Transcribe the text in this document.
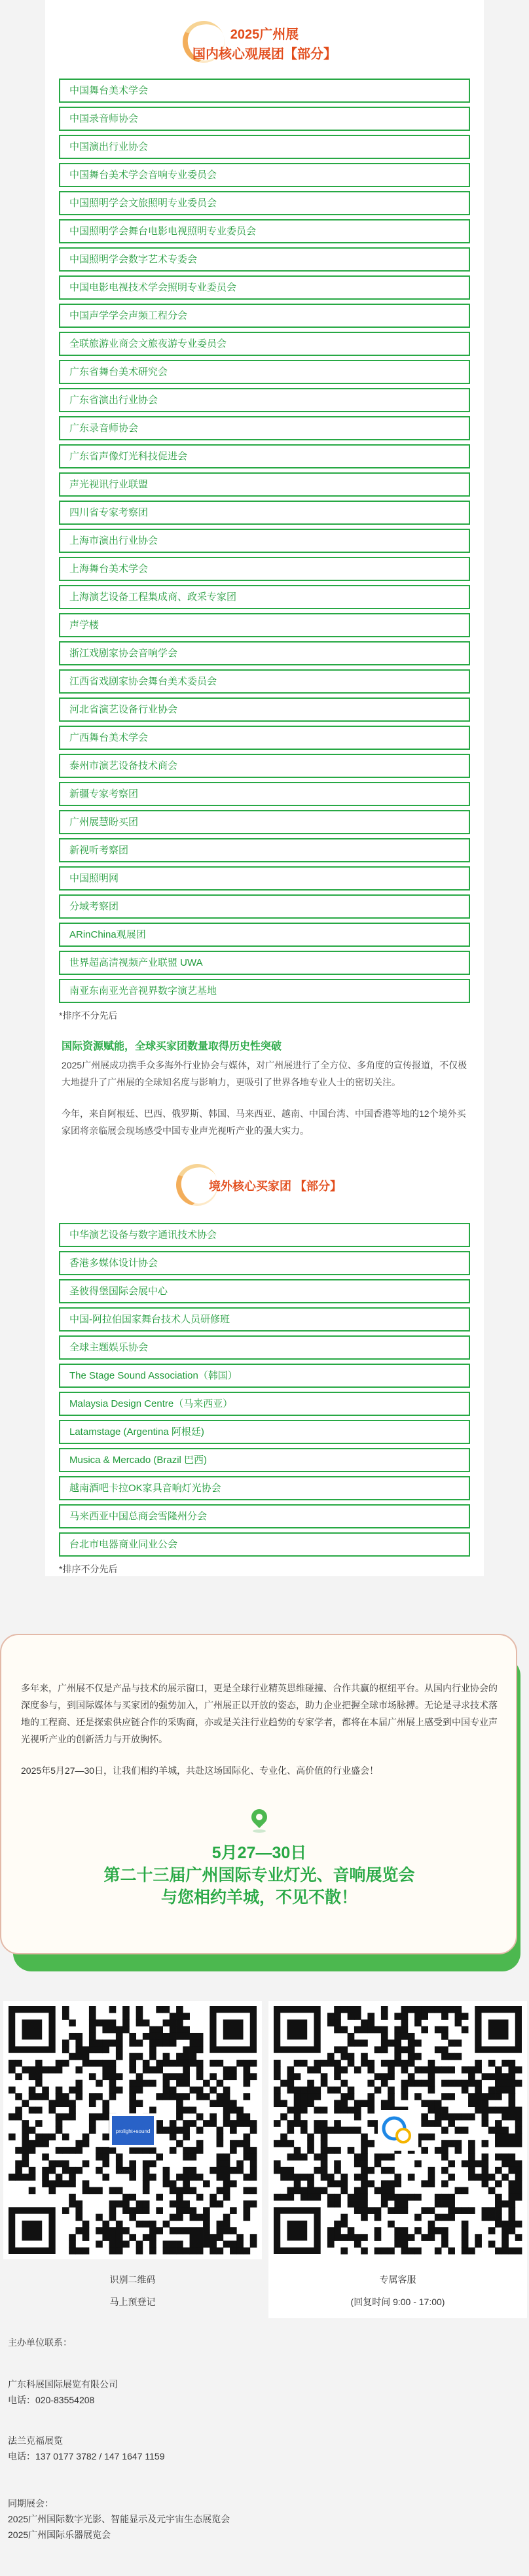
2025广州展
国内核心观展团【部分】
中国舞台美术学会
中国录音师协会
中国演出行业协会
中国舞台美术学会音响专业委员会
中国照明学会文旅照明专业委员会
中国照明学会舞台电影电视照明专业委员会
中国照明学会数字艺术专委会
中国电影电视技术学会照明专业委员会
中国声学学会声频工程分会
全联旅游业商会文旅夜游专业委员会
广东省舞台美术研究会
广东省演出行业协会
广东录音师协会
广东省声像灯光科技促进会
声光视讯行业联盟
四川省专家考察团
上海市演出行业协会
上海舞台美术学会
上海演艺设备工程集成商、政采专家团
声学楼
浙江戏剧家协会音响学会
江西省戏剧家协会舞台美术委员会
河北省演艺设备行业协会
广西舞台美术学会
泰州市演艺设备技术商会
新疆专家考察团
广州展慧盼买团
新视听考察团
中国照明网
分域考察团
ARinChina观展团
世界超高清视频产业联盟 UWA
南亚东南亚光音视界数字演艺基地
*排序不分先后
国际资源赋能，全球买家团数量取得历史性突破
2025广州展成功携手众多海外行业协会与媒体，对广州展进行了全方位、多角度的宣传报道，不仅极大地提升了广州展的全球知名度与影响力，更吸引了世界各地专业人士的密切关注。
今年，来自阿根廷、巴西、俄罗斯、韩国、马来西亚、越南、中国台湾、中国香港等地的12个境外买家团将亲临展会现场感受中国专业声光视听产业的强大实力。
境外核心买家团 【部分】
中华演艺设备与数字通讯技术协会
香港多媒体设计协会
圣彼得堡国际会展中心
中国-阿拉伯国家舞台技术人员研修班
全球主题娱乐协会
The Stage Sound Association（韩国）
Malaysia Design Centre（马来西亚）
Latamstage (Argentina 阿根廷)
Musica & Mercado (Brazil 巴西)
越南酒吧卡拉OK家具音响灯光协会
马来西亚中国总商会雪隆州分会
台北市电器商业同业公会
*排序不分先后
多年来，广州展不仅是产品与技术的展示窗口，更是全球行业精英思维碰撞、合作共赢的枢纽平台。从国内行业协会的深度参与，到国际媒体与买家团的强势加入，广州展正以开放的姿态，助力企业把握全球市场脉搏。无论是寻求技术落地的工程商、还是探索供应链合作的采购商，亦或是关注行业趋势的专家学者，都将在本届广州展上感受到中国专业声光视听产业的创新活力与开放胸怀。
2025年5月27—30日，让我们相约羊城，共赴这场国际化、专业化、高价值的行业盛会！
5月27—30日
第二十三届广州国际专业灯光、音响展览会
与您相约羊城，不见不散！
prolight+sound
识别二维码
马上预登记
专属客服
(回复时间 9:00 - 17:00)
主办单位联系：
广东科展国际展览有限公司
电话：020-83554208
法兰克福展览
电话：137 0177 3782 / 147 1647 1159
同期展会：
2025广州国际数字光影、智能显示及元宇宙生态展览会
2025广州国际乐器展览会
